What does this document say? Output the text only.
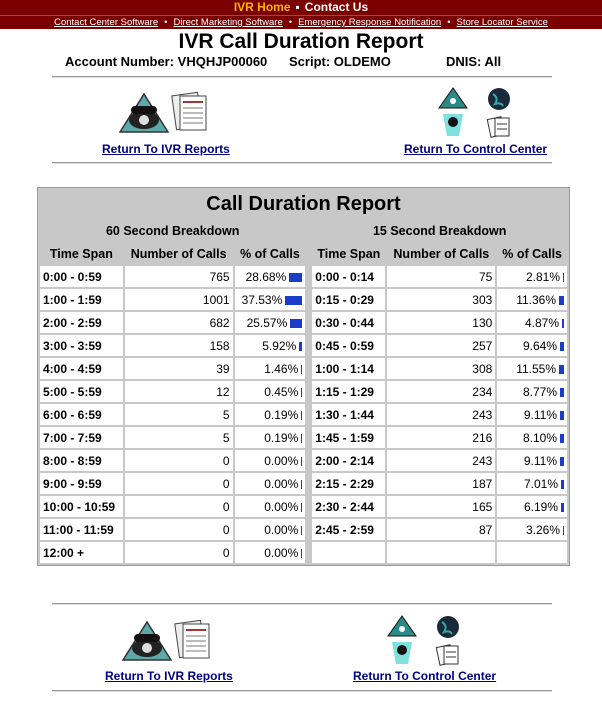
IVR Home ▪ Contact Us
Contact Center Software • Direct Marketing Software • Emergency Response Notification • Store Locator Service
IVR Call Duration Report
Account Number: VHQHJP00060 Script: OLDEMO	DNIS: All
Return To IVR Reports	Return To Control Center
Call Duration Report						
60 Second Breakdown				15 Second Breakdown		
Time Span	Number of Calls	% of Calls		Time Span	Number of Calls	% of Calls
0:00 - 0:59	765	28.68%		0:00 - 0:14	75	2.81%
1:00 - 1:59	1001	37.53%		0:15 - 0:29	303	11.36%
2:00 - 2:59	682	25.57%		0:30 - 0:44	130	4.87%
3:00 - 3:59	158	5.92%		0:45 - 0:59	257	9.64%
4:00 - 4:59	39	1.46%		1:00 - 1:14	308	11.55%
5:00 - 5:59	12	0.45%		1:15 - 1:29	234	8.77%
6:00 - 6:59	5	0.19%		1:30 - 1:44	243	9.11%
7:00 - 7:59	5	0.19%		1:45 - 1:59	216	8.10%
8:00 - 8:59	0	0.00%		2:00 - 2:14	243	9.11%
9:00 - 9:59	0	0.00%		2:15 - 2:29	187	7.01%
10:00 - 10:59	0	0.00%		2:30 - 2:44	165	6.19%
11:00 - 11:59	0	0.00%		2:45 - 2:59	87	3.26%
12:00 +	0	0.00%				
Return To IVR Reports	Return To Control Center
